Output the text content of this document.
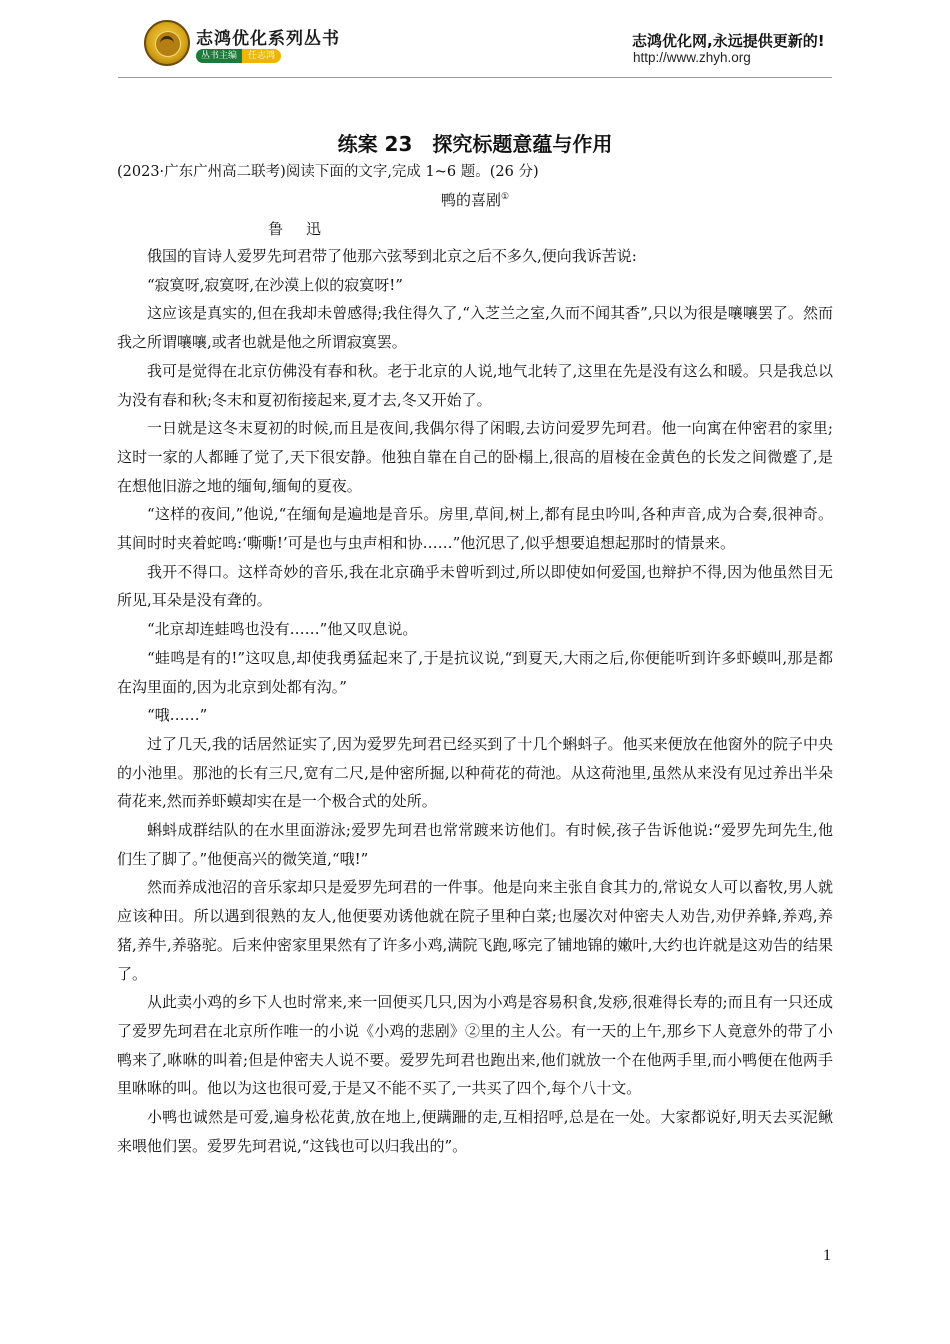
志鸿优化系列丛书
丛书主编	任志鸿
志鸿优化网,永远提供更新的!
http://www.zhyh.org
练案 23　探究标题意蕴与作用
(2023·广东广州高二联考)阅读下面的文字,完成 1~6 题。(26 分)
鸭的喜剧①
鲁　迅

俄国的盲诗人爱罗先珂君带了他那六弦琴到北京之后不多久,便向我诉苦说:

“寂寞呀,寂寞呀,在沙漠上似的寂寞呀!”

这应该是真实的,但在我却未曾感得;我住得久了,“入芝兰之室,久而不闻其香”,只以为很是嚷嚷罢了。然而我之所谓嚷嚷,或者也就是他之所谓寂寞罢。

我可是觉得在北京仿佛没有春和秋。老于北京的人说,地气北转了,这里在先是没有这么和暖。只是我总以为没有春和秋;冬末和夏初衔接起来,夏才去,冬又开始了。

一日就是这冬末夏初的时候,而且是夜间,我偶尔得了闲暇,去访问爱罗先珂君。他一向寓在仲密君的家里;这时一家的人都睡了觉了,天下很安静。他独自靠在自己的卧榻上,很高的眉棱在金黄色的长发之间微蹙了,是在想他旧游之地的缅甸,缅甸的夏夜。

“这样的夜间,”他说,“在缅甸是遍地是音乐。房里,草间,树上,都有昆虫吟叫,各种声音,成为合奏,很神奇。其间时时夹着蛇鸣:‘嘶嘶!’可是也与虫声相和协……”他沉思了,似乎想要追想起那时的情景来。

我开不得口。这样奇妙的音乐,我在北京确乎未曾听到过,所以即使如何爱国,也辩护不得,因为他虽然目无所见,耳朵是没有聋的。

“北京却连蛙鸣也没有……”他又叹息说。

“蛙鸣是有的!”这叹息,却使我勇猛起来了,于是抗议说,“到夏天,大雨之后,你便能听到许多虾蟆叫,那是都在沟里面的,因为北京到处都有沟。”

“哦……”

过了几天,我的话居然证实了,因为爱罗先珂君已经买到了十几个蝌蚪子。他买来便放在他窗外的院子中央的小池里。那池的长有三尺,宽有二尺,是仲密所掘,以种荷花的荷池。从这荷池里,虽然从来没有见过养出半朵荷花来,然而养虾蟆却实在是一个极合式的处所。

蝌蚪成群结队的在水里面游泳;爱罗先珂君也常常踱来访他们。有时候,孩子告诉他说:“爱罗先珂先生,他们生了脚了。”他便高兴的微笑道,“哦!”

然而养成池沼的音乐家却只是爱罗先珂君的一件事。他是向来主张自食其力的,常说女人可以畜牧,男人就应该种田。所以遇到很熟的友人,他便要劝诱他就在院子里种白菜;也屡次对仲密夫人劝告,劝伊养蜂,养鸡,养猪,养牛,养骆驼。后来仲密家里果然有了许多小鸡,满院飞跑,啄完了铺地锦的嫩叶,大约也许就是这劝告的结果了。

从此卖小鸡的乡下人也时常来,来一回便买几只,因为小鸡是容易积食,发痧,很难得长寿的;而且有一只还成了爱罗先珂君在北京所作唯一的小说《小鸡的悲剧》②里的主人公。有一天的上午,那乡下人竟意外的带了小鸭来了,咻咻的叫着;但是仲密夫人说不要。爱罗先珂君也跑出来,他们就放一个在他两手里,而小鸭便在他两手里咻咻的叫。他以为这也很可爱,于是又不能不买了,一共买了四个,每个八十文。

小鸭也诚然是可爱,遍身松花黄,放在地上,便蹒跚的走,互相招呼,总是在一处。大家都说好,明天去买泥鳅来喂他们罢。爱罗先珂君说,“这钱也可以归我出的”。

1
